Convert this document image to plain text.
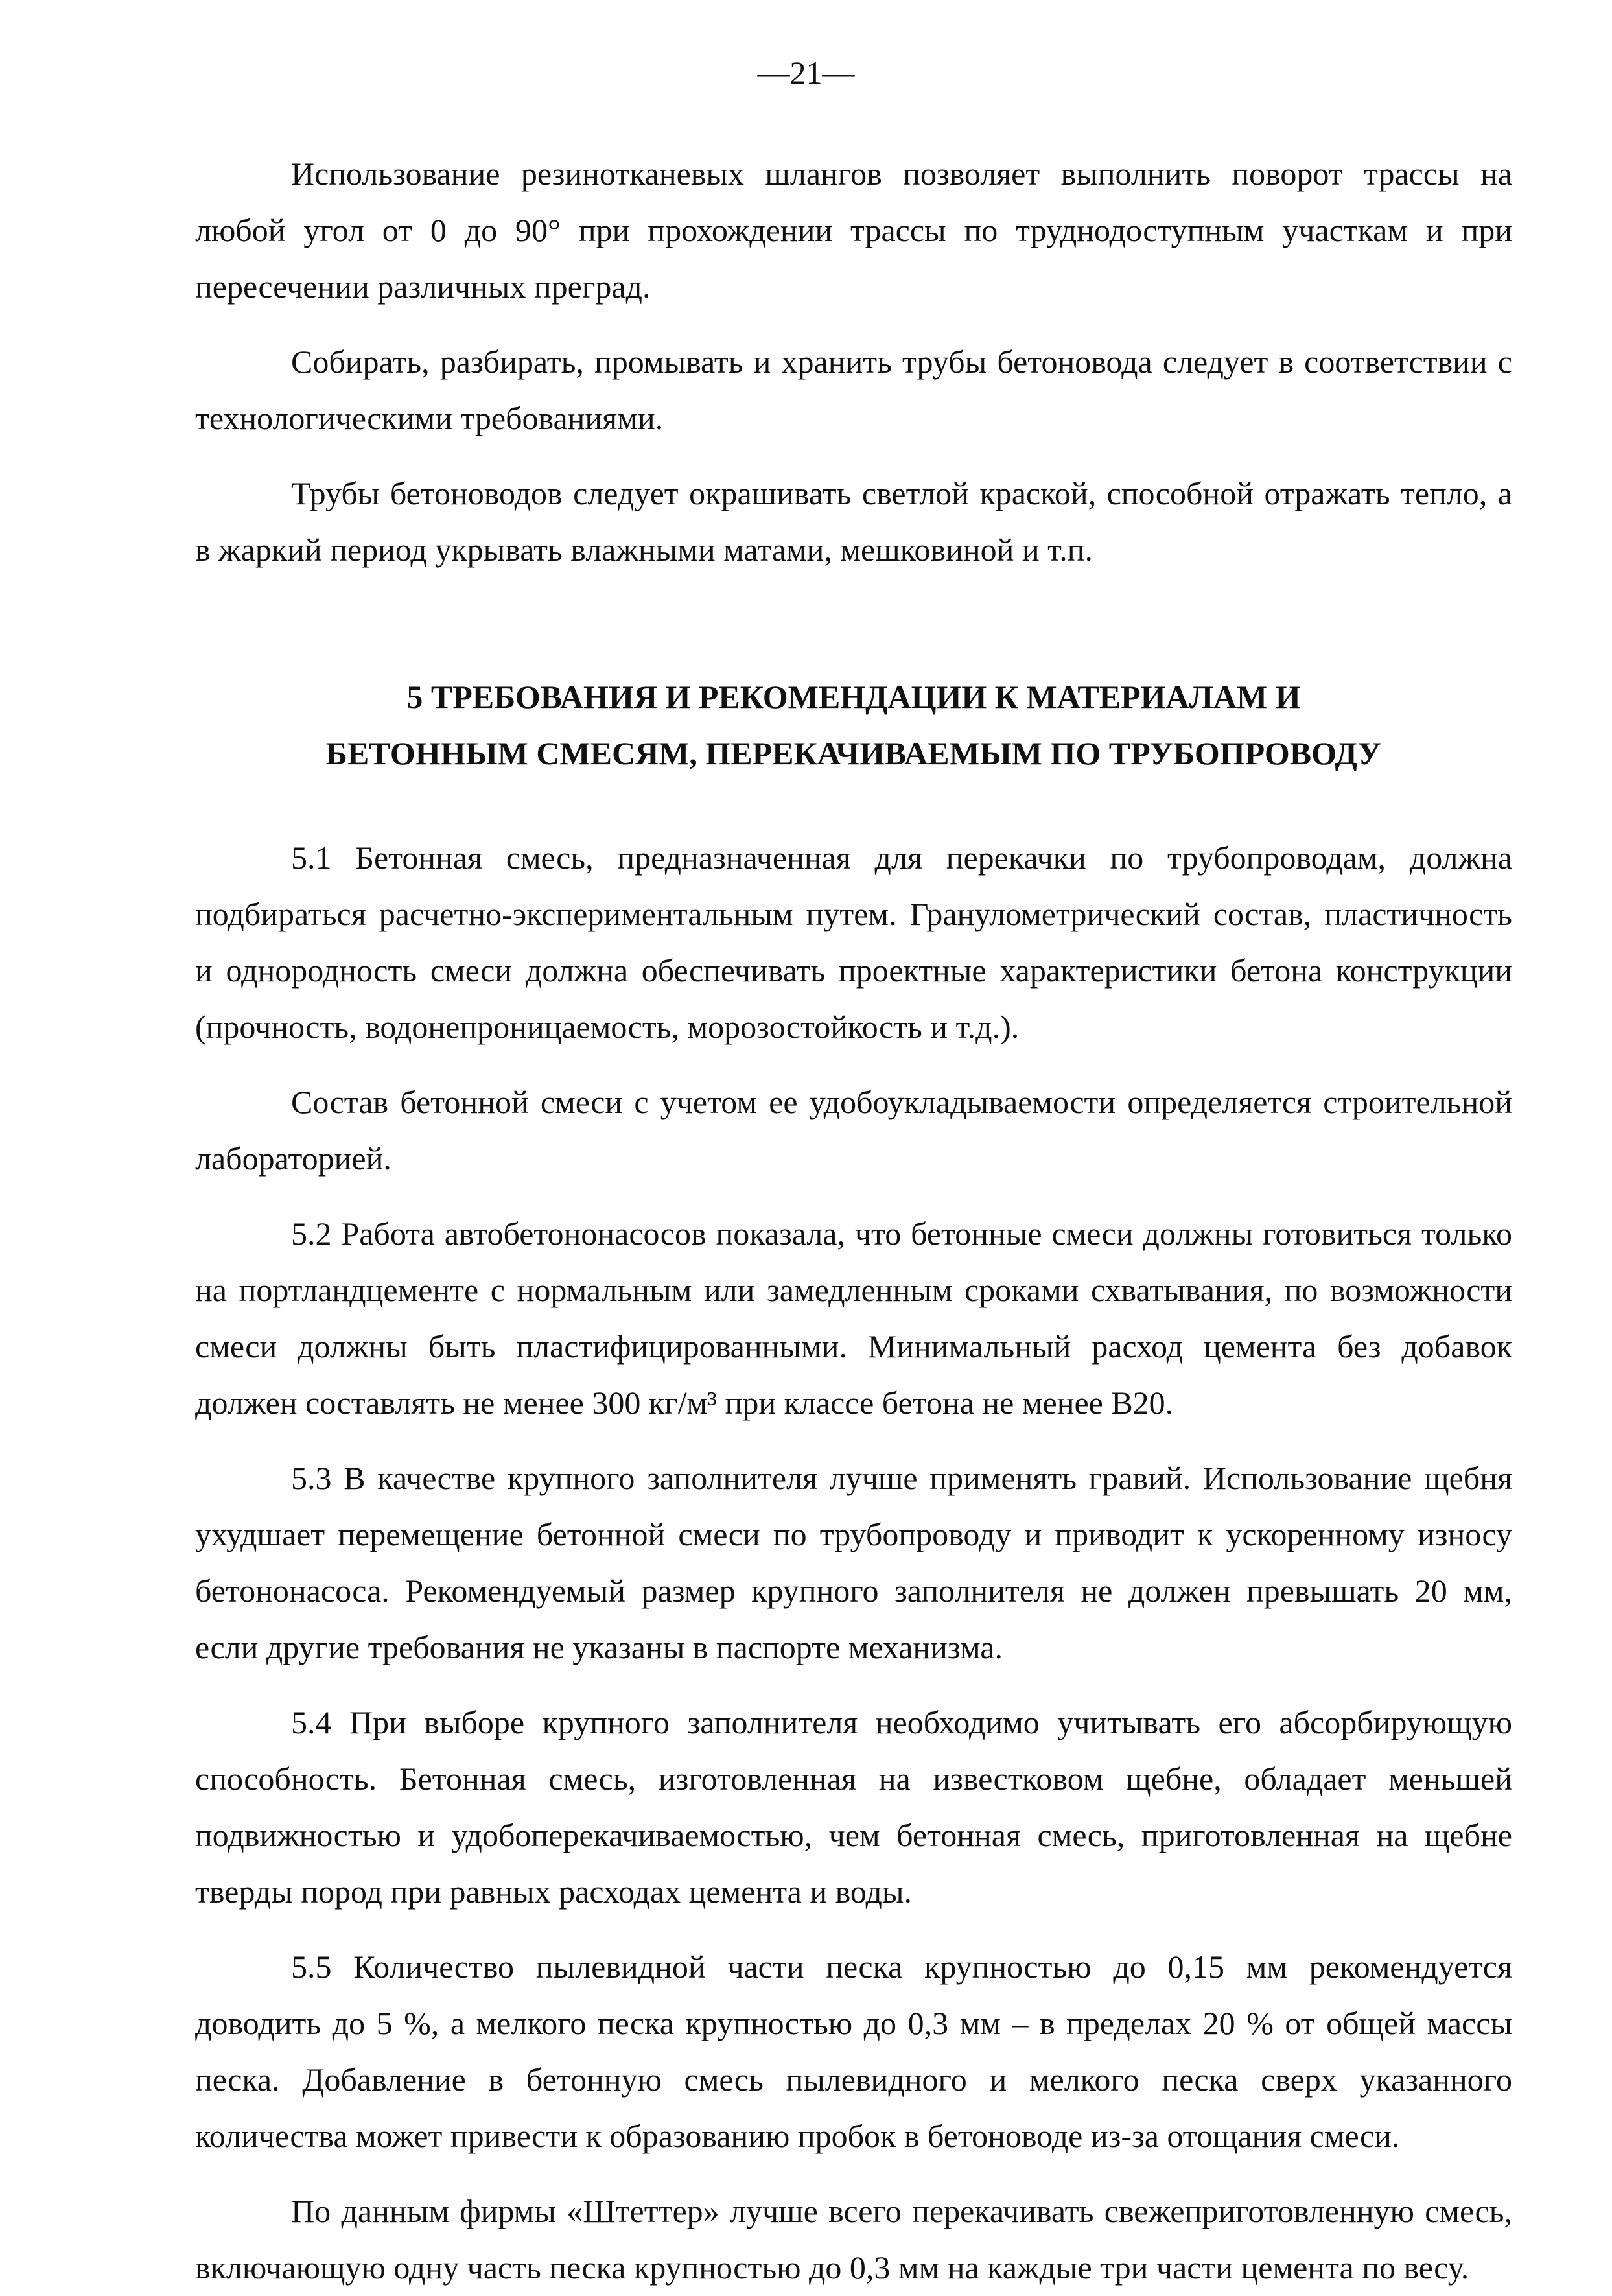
—21—

Использование резинотканевых шлангов позволяет выполнить поворот трассы на любой угол от 0 до 90° при прохождении трассы по труднодоступным участкам и при пересечении различных преград.

Собирать, разбирать, промывать и хранить трубы бетоновода следует в соответствии с технологическими требованиями.

Трубы бетоноводов следует окрашивать светлой краской, способной отражать тепло, а в жаркий период укрывать влажными матами, мешковиной и т.п.

5 ТРЕБОВАНИЯ И РЕКОМЕНДАЦИИ К МАТЕРИАЛАМ И
БЕТОННЫМ СМЕСЯМ, ПЕРЕКАЧИВАЕМЫМ ПО ТРУБОПРОВОДУ

5.1 Бетонная смесь, предназначенная для перекачки по трубопроводам, должна подбираться расчетно-экспериментальным путем. Гранулометрический состав, пластичность и однородность смеси должна обеспечивать проектные характеристики бетона конструкции (прочность, водонепроницаемость, морозостойкость и т.д.).

Состав бетонной смеси с учетом ее удобоукладываемости определяется строительной лабораторией.

5.2 Работа автобетононасосов показала, что бетонные смеси должны готовиться только на портландцементе с нормальным или замедленным сроками схватывания, по возможности смеси должны быть пластифицированными. Минимальный расход цемента без добавок должен составлять не менее 300 кг/м³ при классе бетона не менее В20.

5.3 В качестве крупного заполнителя лучше применять гравий. Использование щебня ухудшает перемещение бетонной смеси по трубопроводу и приводит к ускоренному износу бетононасоса. Рекомендуемый размер крупного заполнителя не должен превышать 20 мм, если другие требования не указаны в паспорте механизма.

5.4 При выборе крупного заполнителя необходимо учитывать его абсорбирующую способность. Бетонная смесь, изготовленная на известковом щебне, обладает меньшей подвижностью и удобоперекачиваемостью, чем бетонная смесь, приготовленная на щебне тверды пород при равных расходах цемента и воды.

5.5 Количество пылевидной части песка крупностью до 0,15 мм рекомендуется доводить до 5 %, а мелкого песка крупностью до 0,3 мм – в пределах 20 % от общей массы песка. Добавление в бетонную смесь пылевидного и мелкого песка сверх указанного количества может привести к образованию пробок в бетоноводе из-за отощания смеси.

По данным фирмы «Штеттер» лучше всего перекачивать свежеприготовленную смесь, включающую одну часть песка крупностью до 0,3 мм на каждые три части цемента по весу.
